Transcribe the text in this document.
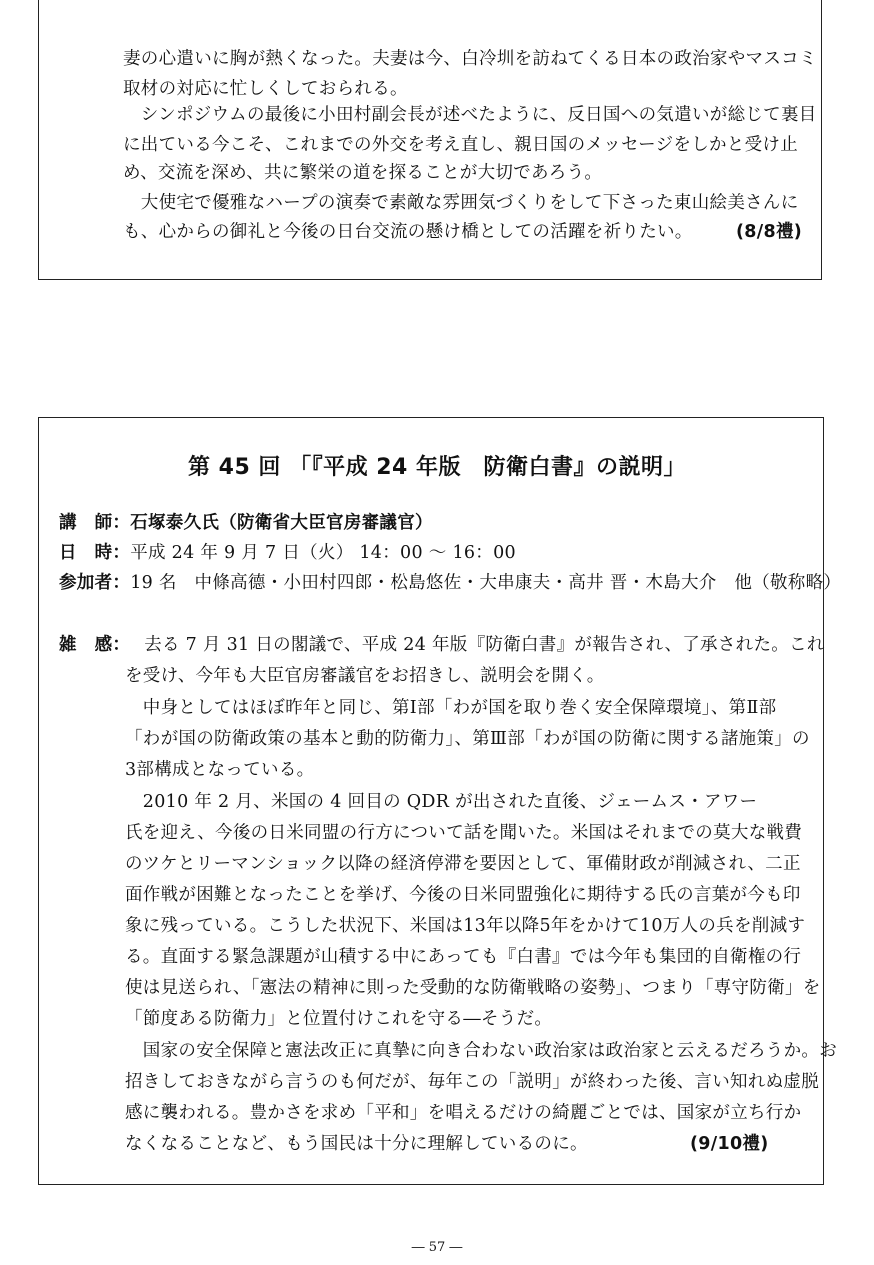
妻の心遣いに胸が熱くなった。夫妻は今、白冷圳を訪ねてくる日本の政治家やマスコミ
取材の対応に忙しくしておられる。
　シンポジウムの最後に小田村副会長が述べたように、反日国への気遣いが総じて裏目
に出ている今こそ、これまでの外交を考え直し、親日国のメッセージをしかと受け止
め、交流を深め、共に繁栄の道を探ることが大切であろう。
　大使宅で優雅なハープの演奏で素敵な雰囲気づくりをして下さった東山絵美さんに
も、心からの御礼と今後の日台交流の懸け橋としての活躍を祈りたい。 (8/8禮)
第 45 回 「『平成 24 年版　防衛白書』の説明」
講　師：石塚泰久氏（防衛省大臣官房審議官）
日　時：平成 24 年 9 月 7 日（火） 14：00 ～ 16：00
参加者：19 名　中條高德・小田村四郎・松島悠佐・大串康夫・高井 晋・木島大介　他（敬称略）
雑　感： 去る 7 月 31 日の閣議で、平成 24 年版『防衛白書』が報告され、了承された。これ
を受け、今年も大臣官房審議官をお招きし、説明会を開く。
　中身としてはほぼ昨年と同じ、第Ⅰ部「わが国を取り巻く安全保障環境」、第Ⅱ部
「わが国の防衛政策の基本と動的防衛力」、第Ⅲ部「わが国の防衛に関する諸施策」の
3部構成となっている。
　2010 年 2 月、米国の 4 回目の QDR が出された直後、ジェームス・アワー
氏を迎え、今後の日米同盟の行方について話を聞いた。米国はそれまでの莫大な戦費
のツケとリーマンショック以降の経済停滞を要因として、軍備財政が削減され、二正
面作戦が困難となったことを挙げ、今後の日米同盟強化に期待する氏の言葉が今も印
象に残っている。こうした状況下、米国は13年以降5年をかけて10万人の兵を削減す
る。直面する緊急課題が山積する中にあっても『白書』では今年も集団的自衛権の行
使は見送られ、「憲法の精神に則った受動的な防衛戦略の姿勢」、つまり「専守防衛」を
「節度ある防衛力」と位置付けこれを守る―そうだ。
　国家の安全保障と憲法改正に真摯に向き合わない政治家は政治家と云えるだろうか。お
招きしておきながら言うのも何だが、毎年この「説明」が終わった後、言い知れぬ虚脱
感に襲われる。豊かさを求め「平和」を唱えるだけの綺麗ごとでは、国家が立ち行か
なくなることなど、もう国民は十分に理解しているのに。	(9/10禮)
― 57 ―
